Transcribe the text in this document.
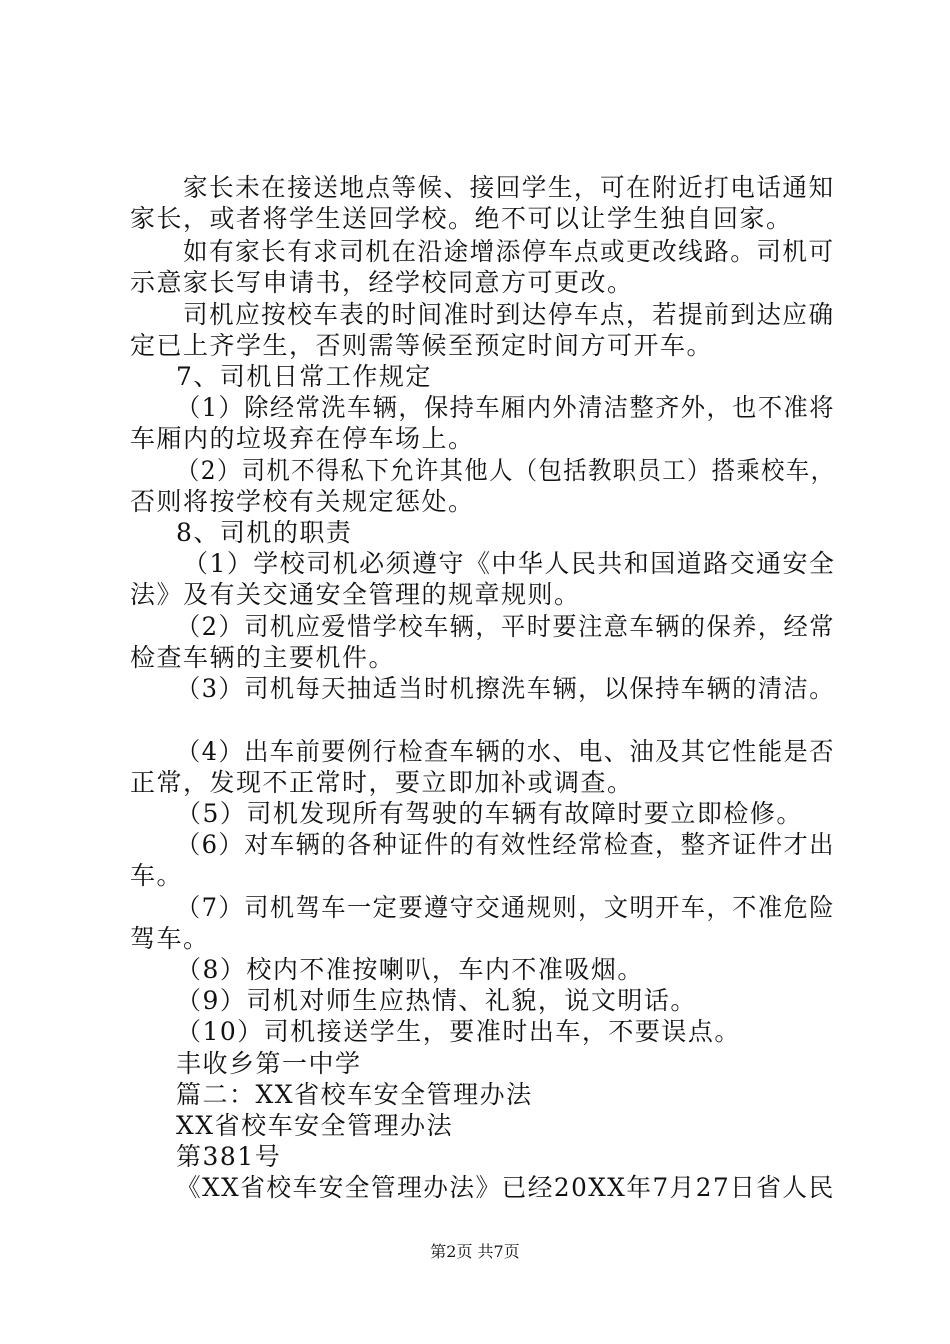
家长未在接送地点等候、接回学生，可在附近打电话通知
家长，或者将学生送回学校。绝不可以让学生独自回家。
如有家长有求司机在沿途增添停车点或更改线路。司机可
示意家长写申请书，经学校同意方可更改。
司机应按校车表的时间准时到达停车点，若提前到达应确
定已上齐学生，否则需等候至预定时间方可开车。
7、司机日常工作规定
（1）除经常洗车辆，保持车厢内外清洁整齐外，也不准将
车厢内的垃圾弃在停车场上。
（2）司机不得私下允许其他人（包括教职员工）搭乘校车，
否则将按学校有关规定惩处。
8、司机的职责
（1）学校司机必须遵守《中华人民共和国道路交通安全
法》及有关交通安全管理的规章规则。
（2）司机应爱惜学校车辆，平时要注意车辆的保养，经常
检查车辆的主要机件。
（3）司机每天抽适当时机擦洗车辆，以保持车辆的清洁。
（4）出车前要例行检查车辆的水、电、油及其它性能是否
正常，发现不正常时，要立即加补或调查。
（5）司机发现所有驾驶的车辆有故障时要立即检修。
（6）对车辆的各种证件的有效性经常检查，整齐证件才出
车。
（7）司机驾车一定要遵守交通规则，文明开车，不准危险
驾车。
（8）校内不准按喇叭，车内不准吸烟。
（9）司机对师生应热情、礼貌，说文明话。
（10）司机接送学生，要准时出车，不要误点。
丰收乡第一中学
篇二：XX省校车安全管理办法
XX省校车安全管理办法
第381号
《XX省校车安全管理办法》已经20XX年7月27日省人民
第2页 共7页
